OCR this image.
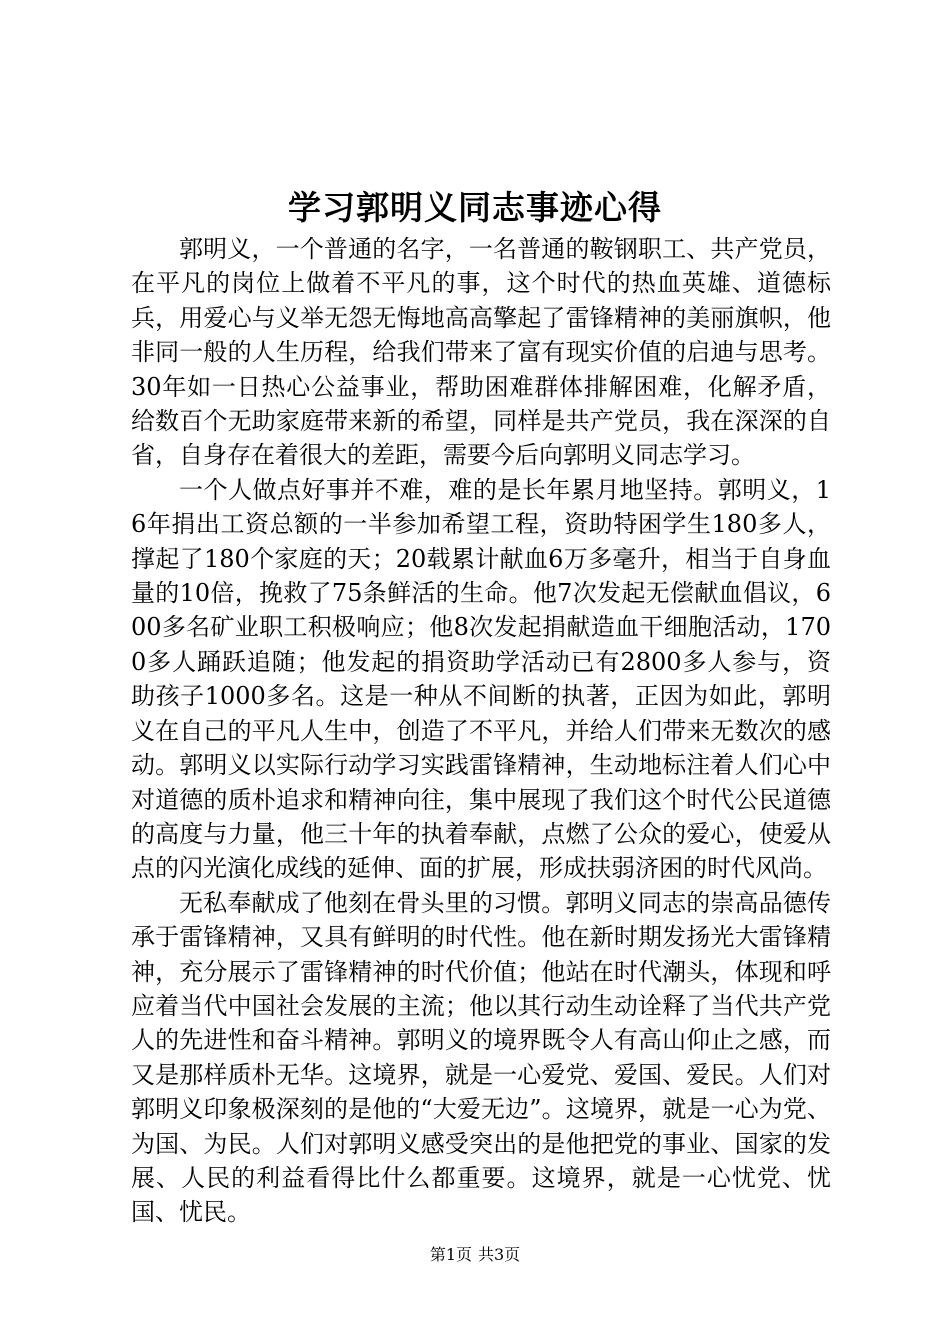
学习郭明义同志事迹心得

郭明义，一个普通的名字，一名普通的鞍钢职工、共产党员，在平凡的岗位上做着不平凡的事，这个时代的热血英雄、道德标兵，用爱心与义举无怨无悔地高高擎起了雷锋精神的美丽旗帜，他非同一般的人生历程，给我们带来了富有现实价值的启迪与思考。30年如一日热心公益事业，帮助困难群体排解困难，化解矛盾，给数百个无助家庭带来新的希望，同样是共产党员，我在深深的自省，自身存在着很大的差距，需要今后向郭明义同志学习。

一个人做点好事并不难，难的是长年累月地坚持。郭明义，16年捐出工资总额的一半参加希望工程，资助特困学生180多人，撑起了180个家庭的天；20载累计献血6万多毫升，相当于自身血量的10倍，挽救了75条鲜活的生命。他7次发起无偿献血倡议，600多名矿业职工积极响应；他8次发起捐献造血干细胞活动，1700多人踊跃追随；他发起的捐资助学活动已有2800多人参与，资助孩子1000多名。这是一种从不间断的执著，正因为如此，郭明义在自己的平凡人生中，创造了不平凡，并给人们带来无数次的感动。郭明义以实际行动学习实践雷锋精神，生动地标注着人们心中对道德的质朴追求和精神向往，集中展现了我们这个时代公民道德的高度与力量，他三十年的执着奉献，点燃了公众的爱心，使爱从点的闪光演化成线的延伸、面的扩展，形成扶弱济困的时代风尚。

无私奉献成了他刻在骨头里的习惯。郭明义同志的崇高品德传承于雷锋精神，又具有鲜明的时代性。他在新时期发扬光大雷锋精神，充分展示了雷锋精神的时代价值；他站在时代潮头，体现和呼应着当代中国社会发展的主流；他以其行动生动诠释了当代共产党人的先进性和奋斗精神。郭明义的境界既令人有高山仰止之感，而又是那样质朴无华。这境界，就是一心爱党、爱国、爱民。人们对郭明义印象极深刻的是他的“大爱无边”。这境界，就是一心为党、为国、为民。人们对郭明义感受突出的是他把党的事业、国家的发展、人民的利益看得比什么都重要。这境界，就是一心忧党、忧国、忧民。

第1页 共3页
